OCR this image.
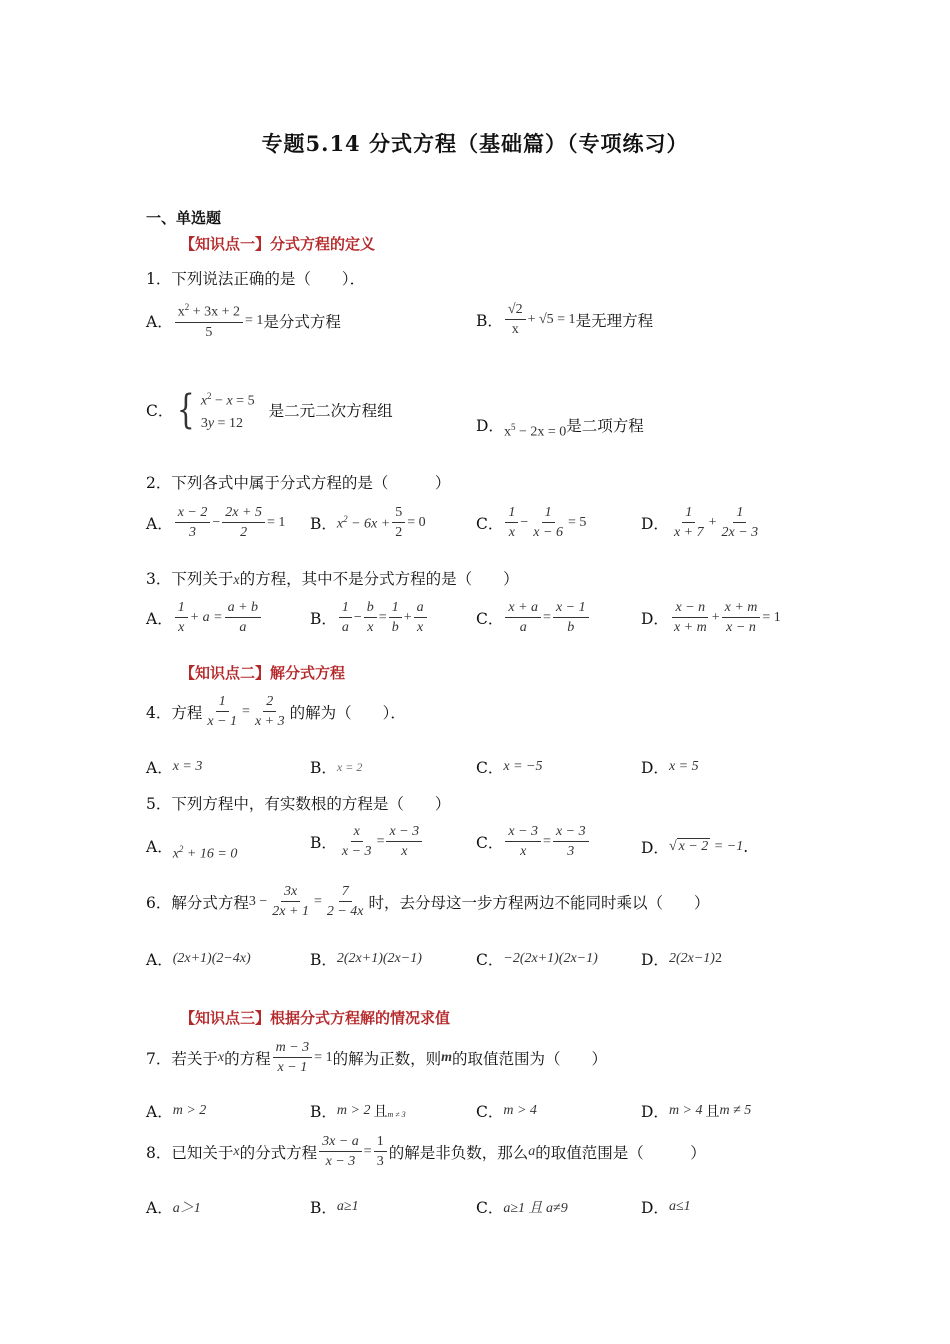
专题5.14 分式方程（基础篇）（专项练习）
一、单选题
【知识点一】分式方程的定义
1．下列说法正确的是（　　）．
A． $\frac{x^2 + 3x + 2}{5} = 1$ 是分式方程	B． $\frac{√2}{x} + √5 = 1$ 是无理方程
C． { $x^2 - x = 5$
3y = 12
是二元二次方程组
D． $x^5 - 2x = 0$ 是二项方程
2．下列各式中属于分式方程的是（　　　）
A． $\frac{x - 2}{3} - \frac{2x + 5}{2} = 1$ B． $x^2 - 6x + \frac{5}{2} = 0$	C． $\frac{1}{x} - \frac{1}{x - 6} = 5$	D． $\frac{1}{x + 7} + \frac{1}{2x - 3}$
3．下列关于x的方程，其中不是分式方程的是（　　）
A． $\frac{1}{x} + a = \frac{a + b}{a}$	B． $\frac{1}{a} - \frac{b}{x} = \frac{1}{b} + \frac{a}{x}$	C． $\frac{x + a}{a} = \frac{x - 1}{b}$	D． $\frac{x - n}{x + m} + \frac{x + m}{x - n} = 1$
【知识点二】解分式方程
4．方程 $\frac{1}{x - 1} = \frac{2}{x + 3}$ 的解为（　　）．
A． x = 3	B． x = 2	C． x = −5	D． x = 5
5．下列方程中，有实数根的方程是（　　）
A． $x^2 + 16 = 0$
B． $\frac{x}{x - 3} = \frac{x - 3}{x}$	C． $\frac{x - 3}{x} = \frac{x - 3}{3}$	D． √ x − 2 = −1 .
6．解分式方程 $3 - \frac{3x}{2x + 1} = \frac{7}{2 - 4x}$ 时，去分母这一步方程两边不能同时乘以（　　）
A． (2x+1)(2−4x)	B． 2(2x+1)(2x−1)	C． −2(2x+1)(2x−1)	D． 2(2x−1) 2
【知识点三】根据分式方程解的情况求值
7．若关于 x 的方程 $\frac{m - 3}{x - 1} = 1$ 的解为正数，则 m 的取值范围为（　　）
A． m > 2	B． m > 2 且 m ≠ 3	C． m > 4	D． m > 4 且 m ≠ 5
8．已知关于 x 的分式方程 $\frac{3x - a}{x - 3} = \frac{1}{3}$ 的解是非负数，那么 a 的取值范围是（　　　）
A． a＞1	B． a≥1	C． a≥1 且 a≠9	D． a≤1
